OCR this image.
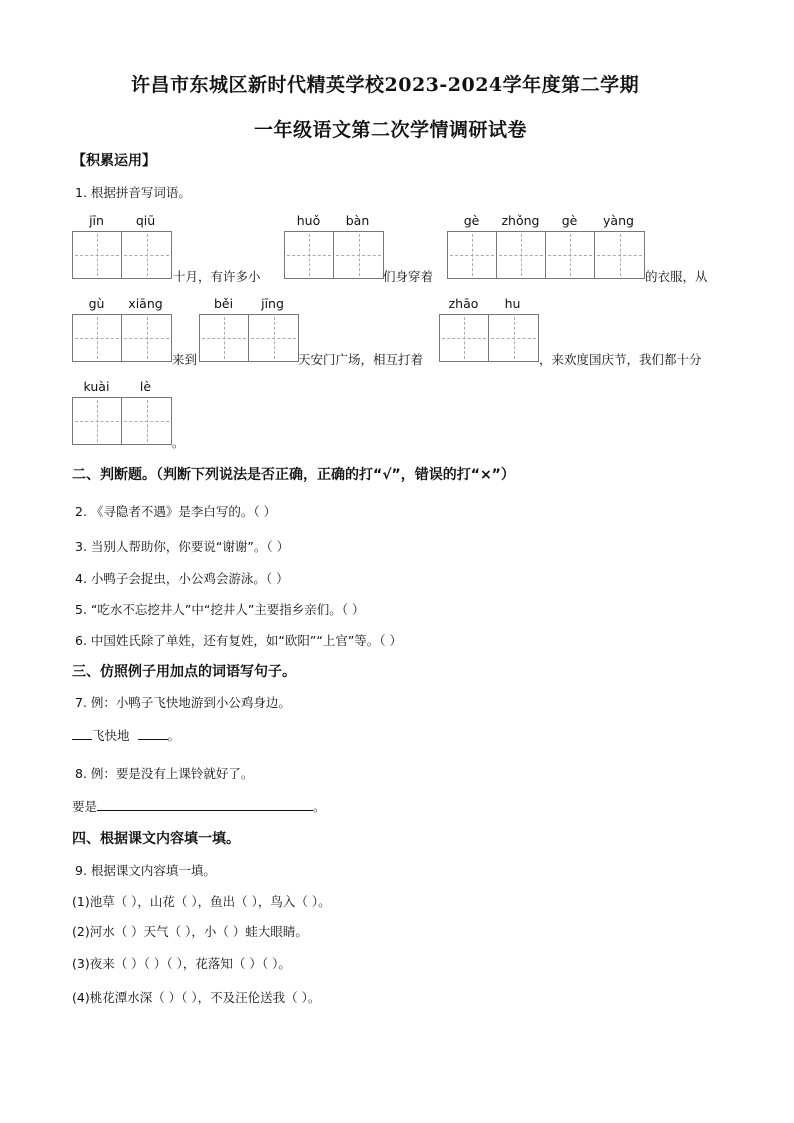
许昌市东城区新时代精英学校2023-2024学年度第二学期
一年级语文第二次学情调研试卷
【积累运用】
1. 根据拼音写词语。
jīn	qiū	huǒ	bàn	gè	zhǒng	gè	yàng
十月，有许多小	们身穿着	的衣服，从
gù	xiāng	běi	jīng	zhāo	hu
来到	天安门广场，相互打着	，来欢度国庆节，我们都十分
kuài	lè
。
二、判断题。（判断下列说法是否正确，正确的打“√”，错误的打“×”）
2. 《寻隐者不遇》是李白写的。（ ）
3. 当别人帮助你，你要说“谢谢”。（ ）
4. 小鸭子会捉虫，小公鸡会游泳。（ ）
5. “吃水不忘挖井人”中“挖井人”主要指乡亲们。（ ）
6. 中国姓氏除了单姓，还有复姓，如“欧阳”“上官”等。（ ）
三、仿照例子用加点的词语写句子。
7. 例：小鸭子飞快地游到小公鸡身边。
飞快地	。
8. 例：要是没有上课铃就好了。
要是	。
四、根据课文内容填一填。
9. 根据课文内容填一填。
(1)池草（ ），山花（ ），鱼出（ ），鸟入（ ）。
(2)河水（ ）天气（ ），小（ ）蛙大眼睛。
(3)夜来（ ）（ ）（ ），花落知（ ）（ ）。
(4)桃花潭水深（ ）（ ），不及汪伦送我（ ）。
